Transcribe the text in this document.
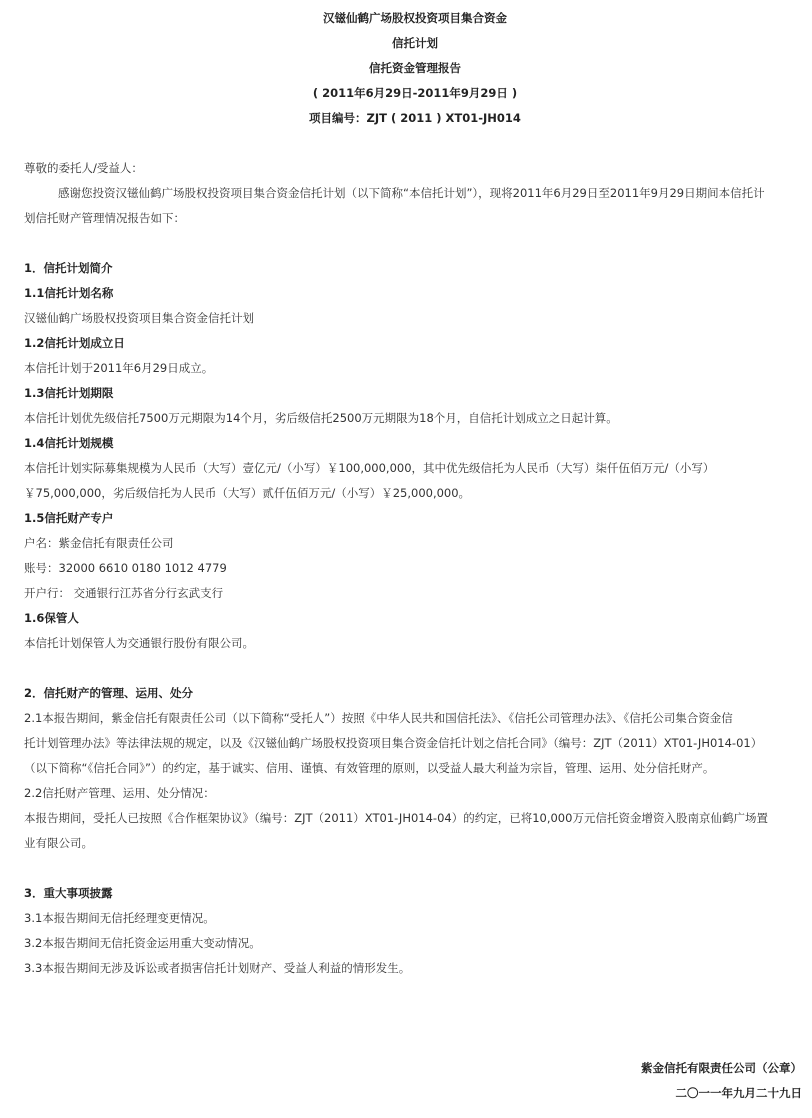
汉镃仙鹤广场股权投资项目集合资金
信托计划
信托资金管理报告
( 2011年6月29日-2011年9月29日 )
项目编号：ZJT ( 2011 ) XT01-JH014
尊敬的委托人/受益人：
感谢您投资汉镃仙鹤广场股权投资项目集合资金信托计划（以下简称“本信托计划”），现将2011年6月29日至2011年9月29日期间本信托计
划信托财产管理情况报告如下：
1．信托计划简介
1.1信托计划名称
汉镃仙鹤广场股权投资项目集合资金信托计划
1.2信托计划成立日
本信托计划于2011年6月29日成立。
1.3信托计划期限
本信托计划优先级信托7500万元期限为14个月，劣后级信托2500万元期限为18个月，自信托计划成立之日起计算。
1.4信托计划规模
本信托计划实际募集规模为人民币（大写）壹亿元/（小写）￥100,000,000，其中优先级信托为人民币（大写）柒仟伍佰万元/（小写）
￥75,000,000，劣后级信托为人民币（大写）贰仟伍佰万元/（小写）￥25,000,000。
1.5信托财产专户
户名：紫金信托有限责任公司
账号：32000 6610 0180 1012 4779
开户行： 交通银行江苏省分行玄武支行
1.6保管人
本信托计划保管人为交通银行股份有限公司。
2．信托财产的管理、运用、处分
2.1本报告期间，紫金信托有限责任公司（以下简称“受托人”）按照《中华人民共和国信托法》、《信托公司管理办法》、《信托公司集合资金信
托计划管理办法》等法律法规的规定，以及《汉镃仙鹤广场股权投资项目集合资金信托计划之信托合同》（编号：ZJT（2011）XT01-JH014-01）
（以下简称“《信托合同》”）的约定，基于诚实、信用、谨慎、有效管理的原则，以受益人最大利益为宗旨，管理、运用、处分信托财产。
2.2信托财产管理、运用、处分情况：
本报告期间，受托人已按照《合作框架协议》（编号：ZJT（2011）XT01-JH014-04）的约定，已将10,000万元信托资金增资入股南京仙鹤广场置
业有限公司。
3．重大事项披露
3.1本报告期间无信托经理变更情况。
3.2本报告期间无信托资金运用重大变动情况。
3.3本报告期间无涉及诉讼或者损害信托计划财产、受益人利益的情形发生。
紫金信托有限责任公司（公章）
二〇一一年九月二十九日
